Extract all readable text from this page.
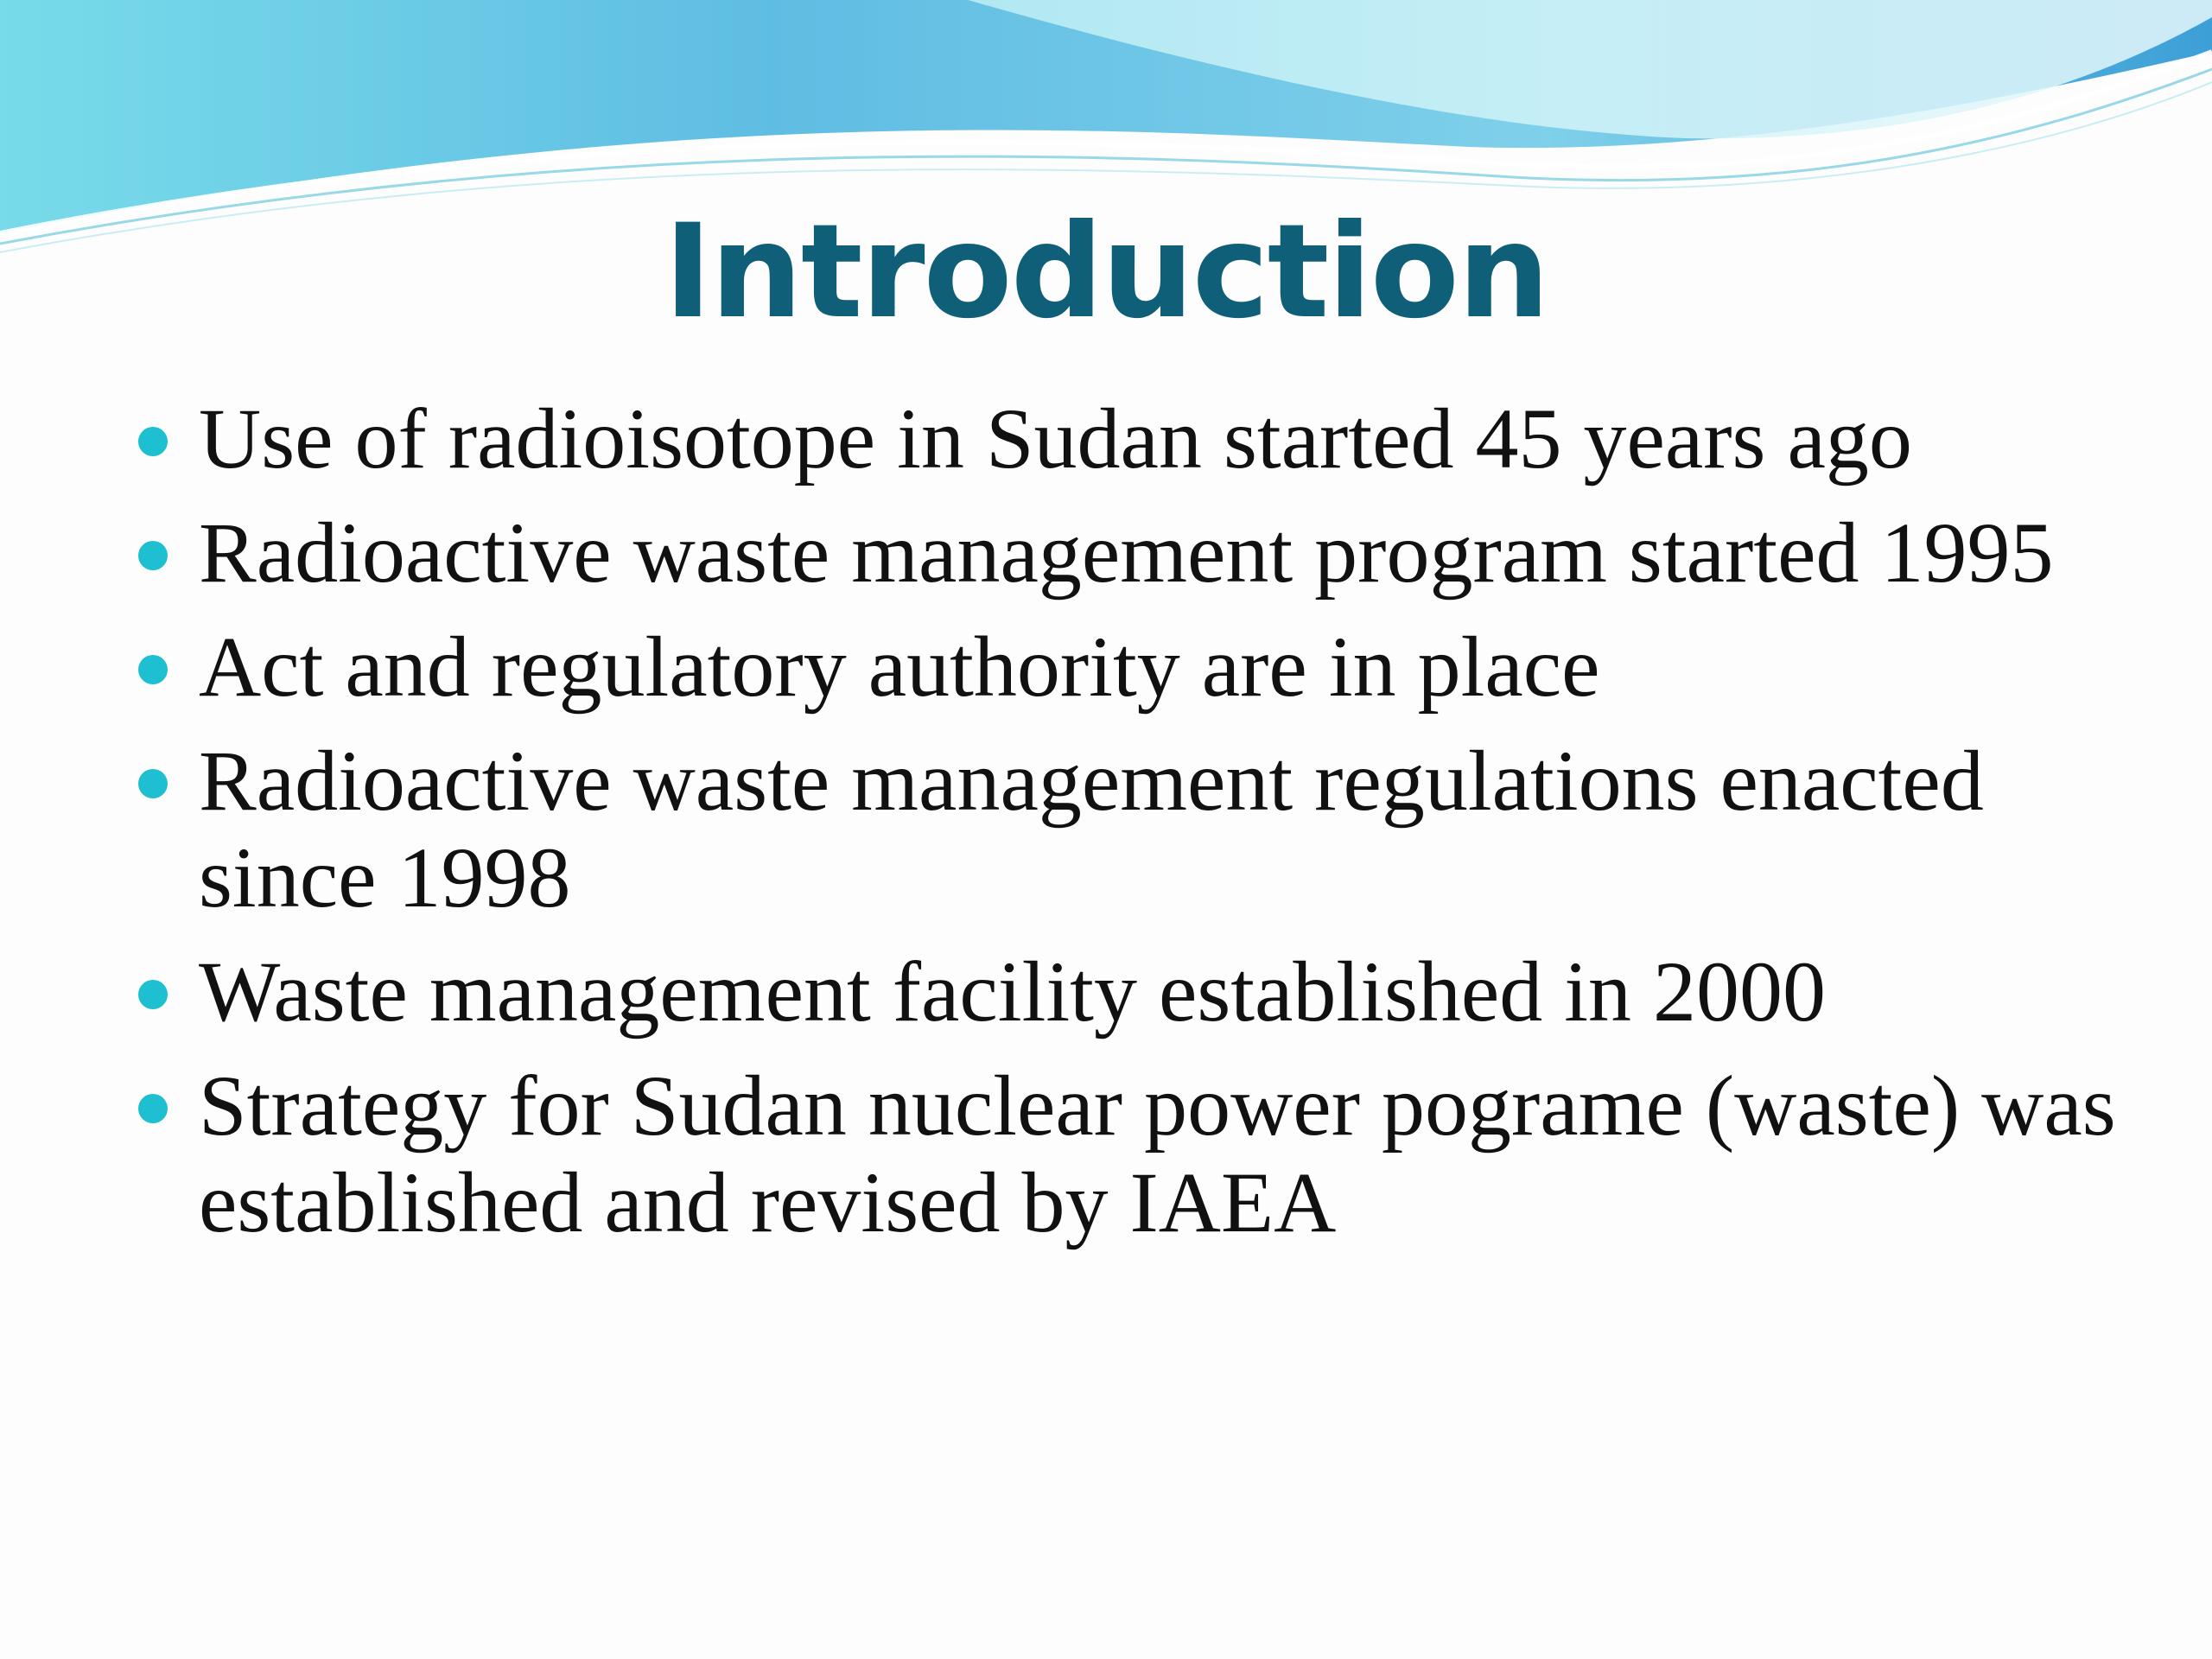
Introduction
Use of radioisotope in Sudan started 45 years ago
Radioactive waste management program started 1995
Act and regulatory authority are in place
Radioactive waste management regulations enacted since 1998
Waste management facility established in 2000
Strategy for Sudan nuclear power pograme (waste) was established and revised by IAEA
